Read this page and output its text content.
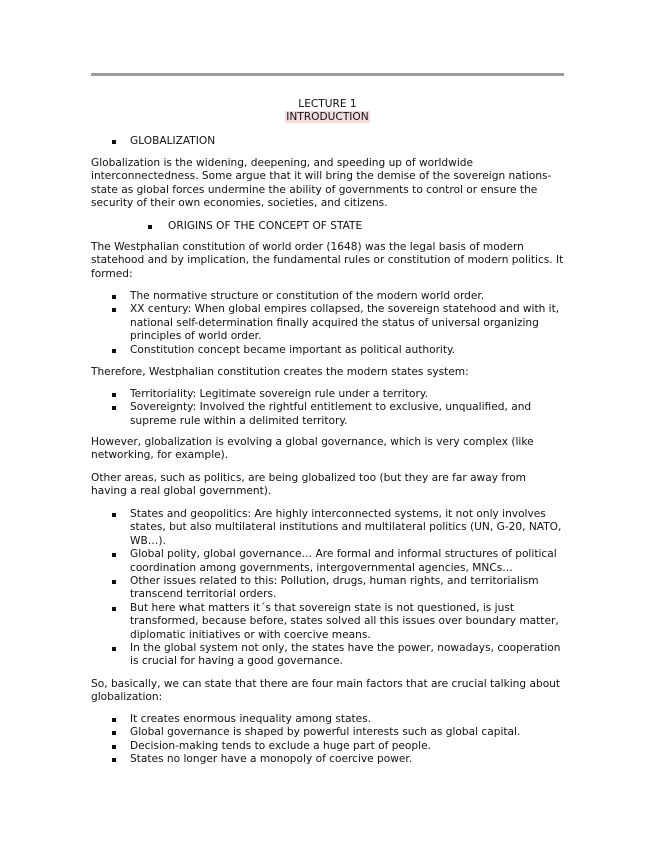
LECTURE 1
INTRODUCTION
GLOBALIZATION

Globalization is the widening, deepening, and speeding up of worldwide interconnectedness. Some argue that it will bring the demise of the sovereign nations-state as global forces undermine the ability of governments to control or ensure the security of their own economies, societies, and citizens.

ORIGINS OF THE CONCEPT OF STATE

The Westphalian constitution of world order (1648) was the legal basis of modern statehood and by implication, the fundamental rules or constitution of modern politics. It formed:

The normative structure or constitution of the modern world order.
XX century: When global empires collapsed, the sovereign statehood and with it, national self-determination finally acquired the status of universal organizing principles of world order.
Constitution concept became important as political authority.

Therefore, Westphalian constitution creates the modern states system:

Territoriality: Legitimate sovereign rule under a territory.
Sovereignty: Involved the rightful entitlement to exclusive, unqualified, and supreme rule within a delimited territory.

However, globalization is evolving a global governance, which is very complex (like networking, for example).

Other areas, such as politics, are being globalized too (but they are far away from having a real global government).

States and geopolitics: Are highly interconnected systems, it not only involves states, but also multilateral institutions and multilateral politics (UN, G-20, NATO, WB…).
Global polity, global governance… Are formal and informal structures of political coordination among governments, intergovernmental agencies, MNCs…
Other issues related to this: Pollution, drugs, human rights, and territorialism transcend territorial orders.
But here what matters it´s that sovereign state is not questioned, is just transformed, because before, states solved all this issues over boundary matter, diplomatic initiatives or with coercive means.
In the global system not only, the states have the power, nowadays, cooperation is crucial for having a good governance.

So, basically, we can state that there are four main factors that are crucial talking about globalization:

It creates enormous inequality among states.
Global governance is shaped by powerful interests such as global capital.
Decision-making tends to exclude a huge part of people.
States no longer have a monopoly of coercive power.
